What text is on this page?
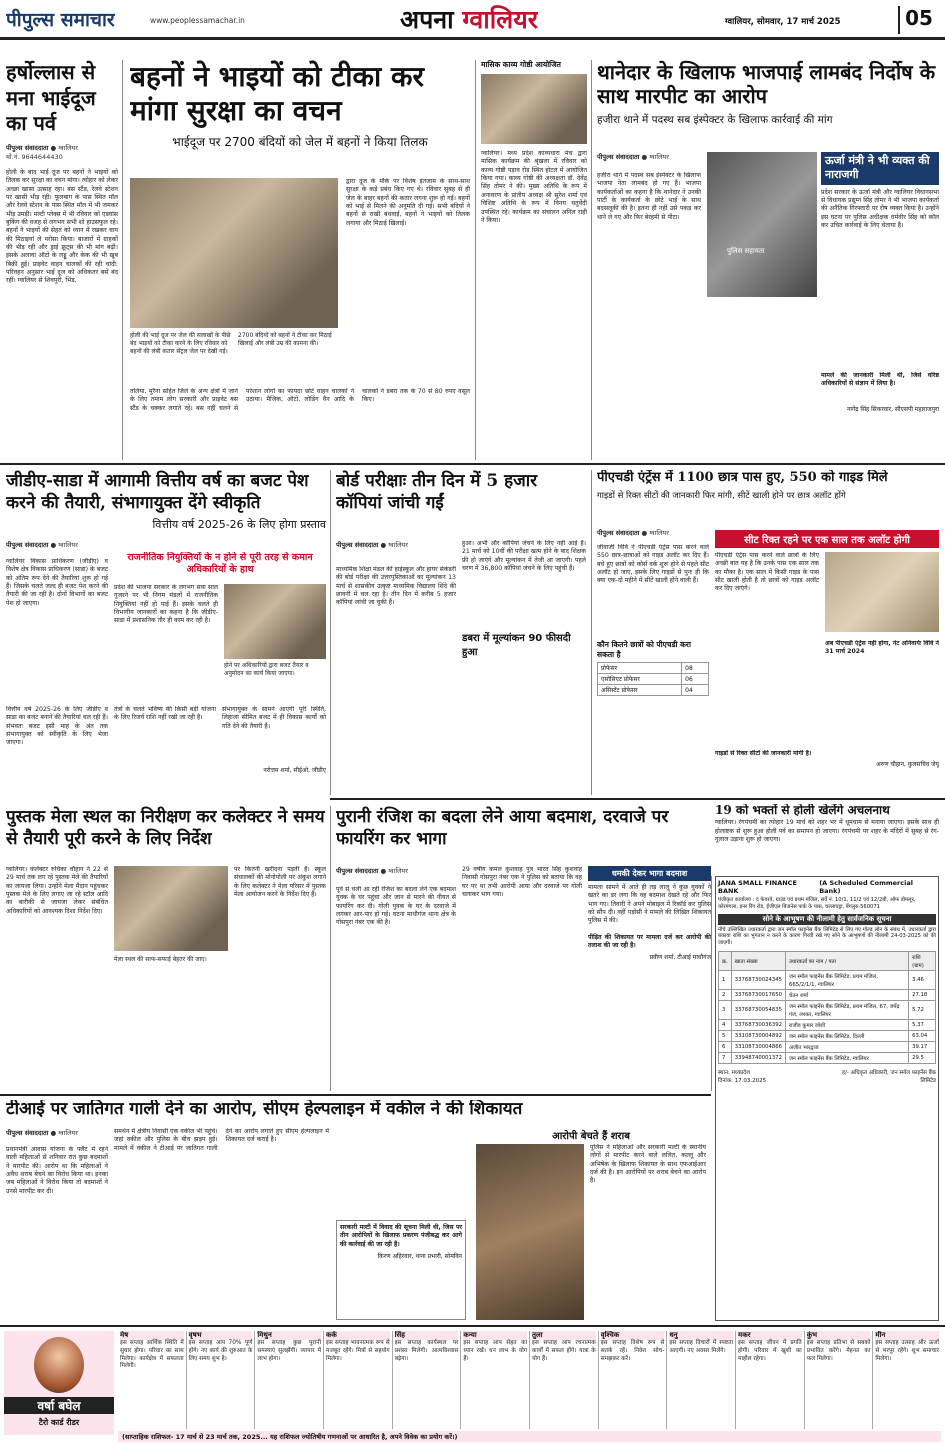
पीपुल्स समाचार	www.peoplessamachar.in	अपना ग्वालियर	ग्वालियर, सोमवार, 17 मार्च 2025	05
हर्षोल्लास से मना भाईदूज का पर्व
पीपुल्स संवाददाता ● ग्वालियर
मो.नं. 9644644430
होली के बाद भाई दूज पर बहनों ने भाइयों को तिलक कर सुरक्षा का वचन मांगा। त्योहार को लेकर अच्छा खासा उत्साह रहा। बस स्टैंड, रेलवे स्टेशन पर खासी भीड़ रही। फूलबाग के पास स्थित मॉल और रेलवे स्टेशन के पास स्थित मॉल में भी जमकर भीड़ उमड़ी। मल्टी प्लेक्स में भी रविवार को एडवांस बुकिंग की वजह से लगभग सभी शो हाउसफुल रहे। बहनों ने भाइयों की सेहत को ध्यान में रखकर चाय की मिठाइयां ले परोसा किया। बाजारों में ग्राहकों की भीड़ रही और ड्राई फ्रूट्स की भी मांग बढ़ी। इसके अलावा ऑटो के लड्डू और केक की भी खूब बिक्री हुई। प्राइवेट वाहन चालकों की रही चांदी: परिवहन अनुसार भाई दूज को अधिकतर बसें बंद रहीं। ग्वालियर से शिवपुरी, भिंड,
बहनों ने भाइयों को टीका कर मांगा सुरक्षा का वचन
भाईदूज पर 2700 बंदियों को जेल में बहनों ने किया तिलक
होली की भाई दूज पर जेल की सलाखों के पीछे बंद भाइयों को टीका करने के लिए रविवार को बहनों की लंबी कतार सेंट्रल जेल पर देखी गई।
2700 बंदियों को बहनों ने टीका कर मिठाई खिलाई और लंबी उम्र की कामना की।
द्वारा दूज के मौके पर विशेष इंतजाम के साथ-साथ सुरक्षा के कड़े प्रबंध किए गए थे। रविवार सुबह से ही जेल के बाहर बहनों की कतार लगना शुरू हो गई। बहनों को भाई से मिलने की अनुमति दी गई। सभी बंदियों ने बहनों से राखी बंधवाई, बहनों ने भाइयों को तिलक लगाया और मिठाई खिलाई।
तलिया, मुरैना सहित जिले के अन्य क्षेत्रों में जाने के लिए तमाम लोग सरकारी और प्राइवेट बस स्टैंड के चक्कर लगाते रहे। बस नहीं चलने से परेशान लोगों का फायदा छोटे वाहन चालकों ने उठाया। मैजिक, ऑटो, लोडिंग वैन आदि के चालकों ने डबरा तक के 70 से 80 रुपए वसूल किए।
मासिक काव्य गोष्ठी आयोजित
ग्वालियर। मध्य प्रदेश काव्यधारा मंच द्वारा मासिक कार्यक्रम की श्रृंखला में रविवार को काव्य गोष्ठी पड़ाव रोड स्थित होटल में आयोजित किया गया। काव्य गोष्ठी की अध्यक्षता डॉ. देवेंद्र सिंह तोमर ने की। मुख्य अतिथि के रूप में अनावरण के प्रांतीय अध्यक्ष श्री सुरेश शर्मा एवं विशिष्ट अतिथि के रूप में विनय चतुर्वेदी उपस्थित रहे। कार्यक्रम का संचालन अनिल राही ने किया।
थानेदार के खिलाफ भाजपाई लामबंद निर्दोष के साथ मारपीट का आरोप
हजीरा थाने में पदस्थ सब इंस्पेक्टर के खिलाफ कार्रवाई की मांग
पीपुल्स संवाददाता ● ग्वालियर
हजीरा थाने में पदस्थ सब इंस्पेक्टर के खिलाफ भाजपा नेता लामबंद हो गए हैं। भाजपा कार्यकर्ताओं का कहना है कि थानेदार ने उनकी पार्टी के कार्यकर्ता के छोटे भाई के साथ बदसलूकी की है। इतना ही नहीं उसे पकड़ कर थाने ले गए और फिर बेरहमी से पीटा।
पुलिस सहायता
ऊर्जा मंत्री ने भी व्यक्त की नाराजगी
प्रदेश सरकार के ऊर्जा मंत्री और ग्वालियर विधानसभा से विधायक प्रद्युम्न सिंह तोमर ने भी भाजपा कार्यकर्ता की अनैतिक गिरफ्तारी पर रोष व्यक्त किया है। उन्होंने इस घटना पर पुलिस अधीक्षक धर्मवीर सिंह को कॉल कर उचित कार्रवाई के लिए चेताया है।
मामले की जानकारी मिली थी, जिसे वरिष्ठ अधिकारियों से संज्ञान में लिया है।
नागेंद्र सिंह सिकरवार, सीएसपी महाराजपुरा
जीडीए-साडा में आगामी वित्तीय वर्ष का बजट पेश करने की तैयारी, संभागायुक्त देंगे स्वीकृति
वित्तीय वर्ष 2025-26 के लिए होगा प्रस्ताव
पीपुल्स संवाददाता ● ग्वालियर
ग्वालियर विकास प्राधिकरण (जीडीए) व विशेष क्षेत्र विकास प्राधिकरण (साडा) के बजट को अंतिम रूप देने की तैयारियां शुरू हो गई हैं। जिसके चलते जल्द ही बजट पेश करने की तैयारी की जा रही है। दोनों विभागों का बजट पेश हो जाएगा।
राजनीतिक नियुक्तियों के न होने से पूरी तरह से कमान अधिकारियों के हाथ
प्रदेश की भाजपा सरकार के लगभग सवा साल गुजरने पर भी निगम मंडलों में राजनीतिक नियुक्तियां नहीं हो पाई हैं। इसके चलते ही विभागीय जानकारों का कहना है कि जीडीए-साडा में प्रशासनिक तौर ही काम कर रही है।
होने पर अधिकारियों द्वारा बजट तैयार व अनुमोदन का कार्य किया जाएगा।
वित्तीय वर्ष 2025-26 के लिए जीडीए व साडा का बजट बनाने की तैयारियां चल रही हैं। संभवतः बजट इसी माह के अंत तक संभागायुक्त को स्वीकृति के लिए भेजा जाएगा।
तंत्रों के चलते भविष्य की किसी बड़ी योजना के लिए रिजर्व राशि नहीं रखी जा रही है।
संभागायुक्त के सामने आएगी पूरी स्थिति, लिहाजा सीमित बजट में ही विकास कार्यों को गति देने की तैयारी है।
नरोत्तम शर्मा, सीईओ, जीडीए
बोर्ड परीक्षाः तीन दिन में 5 हजार कॉपियां जांची गईं
पीपुल्स संवाददाता ● ग्वालियर
माध्यमिक शिक्षा मंडल की हाईस्कूल और हायर सेकंडरी की बोर्ड परीक्षा की उत्तरपुस्तिकाओं का मूल्यांकन 13 मार्च से शासकीय उत्कृष्ट माध्यमिक विद्यालय शिंदे की छावनी में चल रहा है। तीन दिन में करीब 5 हजार कॉपियां जांची जा चुकी हैं।
हुआ। अभी और कॉपियां जंचने के लिए नहीं आई हैं। 21 मार्च को 10वीं की परीक्षा खत्म होने के बाद शिक्षक फ्री हो जाएंगे और मूल्यांकन में तेजी आ जाएगी। पहले चरण में 36,800 कॉपियां जंचने के लिए पहुंची हैं।
डबरा में मूल्यांकन 90 फीसदी हुआ
पीएचडी एंट्रेंस में 1100 छात्र पास हुए, 550 को गाइड मिले
गाइडों से रिक्त सीटों की जानकारी फिर मांगी, सीटें खाली होने पर छात्र अलॉट होंगे
पीपुल्स संवाददाता ● ग्वालियर
जीवाजी विवि ने पीएचडी एंट्रेंस पास करने वाले 550 छात्र-छात्राओं को गाइड अलॉट कर दिए हैं। बचे हुए छात्रों को कोर्स वर्क शुरू होने से पहले सीट अलॉट हो जाए, इसके लिए गाइडों से पुनः ही कि क्या एक-दो महीने में सीटें खाली होने वाली हैं।
कौन कितने छात्रों को पीएचडी करा सकता है
प्रोफेसर	08
एसोसिएट प्रोफेसर	06
असिस्टेंट प्रोफेसर	04
गाइडों से रिक्त सीटों की जानकारी मांगी है।
अरुण चौहान, कुलसचिव जेयू
सीट रिक्त रहने पर एक साल तक अलॉट होगी
पीएचडी एंट्रेंस पास करने वाले छात्रों के लिए अच्छी बात यह है कि उनके पास एक साल तक का मौका है। एक साल में किसी गाइड के पास सीट खाली होती है तो छात्रों को गाइड अलॉट कर दिए जाएंगे।
अब पीएचडी एंट्रेंस नहीं होगा, नेट अनिवार्यः विवि ने 31 मार्च 2024
19 को भक्तों से होली खेलेंगे अचलनाथ
ग्वालियर। रंगपंचमी का त्योहार 19 मार्च को शहर भर में धूमधाम से मनाया जाएगा। इसके साथ ही होलाष्टक से शुरू हुआ होली पर्व का समापन हो जाएगा। रंगपंचमी पर शहर के मंदिरों में सुबह से रंग-गुलाल उड़ाना शुरू हो जाएगा।
पुस्तक मेला स्थल का निरीक्षण कर कलेक्टर ने समय से तैयारी पूरी करने के लिए निर्देश
ग्वालियर। कलेक्टर रुचिका चौहान ने 22 से 29 मार्च तक लग रहे पुस्तक मेले की तैयारियों का जायजा लिया। उन्होंने मेला मैदान पहुंचकर पुस्तक मेले के लिए लगाए जा रहे स्टॉल आदि का बारीकी से जायजा लेकर संबंधित अधिकारियों को आवश्यक दिशा निर्देश दिए।
मेला स्थल की साफ-सफाई बेहतर की जाए।
पर कितनी खरीदना पड़ती है। स्कूल संचालकों की मोनोपोली पर अंकुश लगाने के लिए कलेक्टर ने मेला परिसर में पुस्तक मेला आयोजन करने के निर्देश दिए हैं।
पुरानी रंजिश का बदला लेने आया बदमाश, दरवाजे पर फायरिंग कर भागा
पीपुल्स संवाददाता ● ग्वालियर
पूर्व से चली आ रही रंजिश का बदला लेने एक बदमाश युवक के घर पहुंचा और जान से मारने की नीयत से फायरिंग कर दी। गोली युवक के घर के दरवाजे में लगकर आर-पार हो गई। घटना माधौगंज थाना क्षेत्र के गोसपुरा नंबर एक की है।
29 वर्षीय कमल कुशवाह पुत्र भारत सिंह कुशवाह निवासी गोसपुरा नंबर एक ने पुलिस को बताया कि वह घर पर था तभी आरोपी आया और दरवाजे पर गोली चलाकर भाग गया।
धमकी देकर भागा बदमाश
मामला सामने में आते ही तड़ लालू ने कुछ युवकों ने खतरे का डर लगा कि वह बदमाश देखते रहे और फिर भाग गए। तिवारी ने अपने मोबाइल में रिकॉर्ड कर पुलिस को सौंप दी। वहीं पड़ोसी ने मामले की लिखित शिकायत पुलिस में की।
पीड़ित की शिकायत पर मामला दर्ज कर आरोपी की तलाश की जा रही है।
प्रवीण शर्मा, टीआई माधौगंज
JANA SMALL FINANCE BANK
(A Scheduled Commercial Bank)
पंजीकृत कार्यालय : द फेयरवे, ग्राउंड एवं प्रथम मंजिल, सर्वे नं. 10/1, 11/2 एवं 12/2बी, ऑफ डोमलूर, कोरमंगला, इनर रिंग रोड, ईजीएल बिजनेस पार्क के पास, चल्लाघट्टा, बेंगलुरु-560071
सोने के आभूषण की नीलामी हेतु सार्वजनिक सूचना
नीचे उल्लिखित उधारकर्ता द्वारा जन स्मॉल फाइनेंस बैंक लिमिटेड से लिए गए गोल्ड लोन के संबंध में, उधारकर्ता द्वारा बकाया राशि का भुगतान न करने के कारण गिरवी रखे गए सोने के आभूषणों की नीलामी 24-03-2025 को की जाएगी।
क्र.	खाता संख्या	उधारकर्ता का नाम / पता	राशि (ग्राम)
1	33768730024345	जन स्मॉल फाइनेंस बैंक लिमिटेड, प्रथम मंजिल, 665/2/1/1, ग्वालियर	3.46
2	33768730017650	चेतन शर्मा	27.18
3	33768730054835	जन स्मॉल फाइनेंस बैंक लिमिटेड, प्रथम मंजिल, 67, जयेंद्र गंज, लश्कर, ग्वालियर	5.72
4	33768730036392	राजीव कुमार जोशी	5.37
5	33108730004892	जन स्मॉल फाइनेंस बैंक लिमिटेड, दिल्ली	63.04
6	33108730004866	अजीत भारद्वाज	39.17
7	33948740001372	जन स्मॉल फाइनेंस बैंक लिमिटेड, ग्वालियर	29.5
स्थान: मध्यप्रदेश
दिनांक: 17.03.2025
ह/- अधिकृत अधिकारी, जन स्मॉल फाइनेंस बैंक लिमिटेड
टीआई पर जातिगत गाली देने का आरोप, सीएम हेल्पलाइन में वकील ने की शिकायत
पीपुल्स संवाददाता ● ग्वालियर
प्रधानमंत्री आवास योजना के फ्लैट में रहने वाली महिलाओं से शनिवार रात कुछ बदमाशों ने मारपीट की। आरोप था कि महिलाओं ने अवैध शराब बेचने का विरोध किया था। इनका जब महिलाओं ने विरोध किया तो बदमाशों ने उनसे मारपीट कर दी।
समर्थन में क्षेत्रीय निवासी एक वकील भी पहुंचे। जहां वकील और पुलिस के बीच झड़प हुई। मामले में वकील ने टीआई पर जातिगत गाली देने का आरोप लगाते हुए सीएम हेल्पलाइन में शिकायत दर्ज कराई है।
सरकारी मल्टी में विवाद की सूचना मिली थी, जिस पर तीन आरोपियों के खिलाफ प्रकरण पंजीबद्ध कर आगे की कार्रवाई की जा रही है।
किरण अहिरवार, थाना प्रभारी, सोमविन
आरोपी बेचते हैं शराब
पुलिस ने महिलाओं और सरकारी मल्टी के स्थानीय लोगों से मारपीट करने वाले ललित, कल्लू और अभिषेक के खिलाफ शिकायत के साथ एफआईआर दर्ज की है। इन आरोपियों पर शराब बेचने का आरोप है।
वर्षा बघेल
टैरो कार्ड रीडर
मेष
इस सप्ताह आर्थिक स्थिति में सुधार होगा। परिवार का साथ मिलेगा। कार्यक्षेत्र में सफलता मिलेगी।
वृषभ
इस सप्ताह आप 70% पूर्ण होंगे। नए कार्य की शुरुआत के लिए समय शुभ है।
मिथुन
इस सप्ताह कुछ पुरानी समस्याएं सुलझेंगी। व्यापार में लाभ होगा।
कर्क
इस सप्ताह भावनात्मक रूप से मजबूत रहेंगे। मित्रों से सहयोग मिलेगा।
सिंह
इस सप्ताह कार्यस्थल पर प्रशंसा मिलेगी। आत्मविश्वास बढ़ेगा।
कन्या
इस सप्ताह आप सेहत का ध्यान रखें। धन लाभ के योग हैं।
तुला
इस सप्ताह आप रचनात्मक कार्यों में सफल होंगे। यात्रा के योग हैं।
वृश्चिक
इस सप्ताह विशेष रूप से सतर्क रहें। निवेश सोच-समझकर करें।
धनु
इस सप्ताह विचारों में स्पष्टता आएगी। नए अवसर मिलेंगे।
मकर
इस सप्ताह जीवन में प्रगति होगी। परिवार में खुशी का माहौल रहेगा।
कुंभ
इस सप्ताह प्रतिभा से सबको प्रभावित करेंगे। मेहनत का फल मिलेगा।
मीन
इस सप्ताह उत्साह और ऊर्जा से भरपूर रहेंगे। शुभ समाचार मिलेगा।
(साप्ताहिक राशिफल- 17 मार्च से 23 मार्च तक, 2025... यह राशिफल ज्योतिषीय गणनाओं पर आधारित है, अपने विवेक का प्रयोग करें।)
